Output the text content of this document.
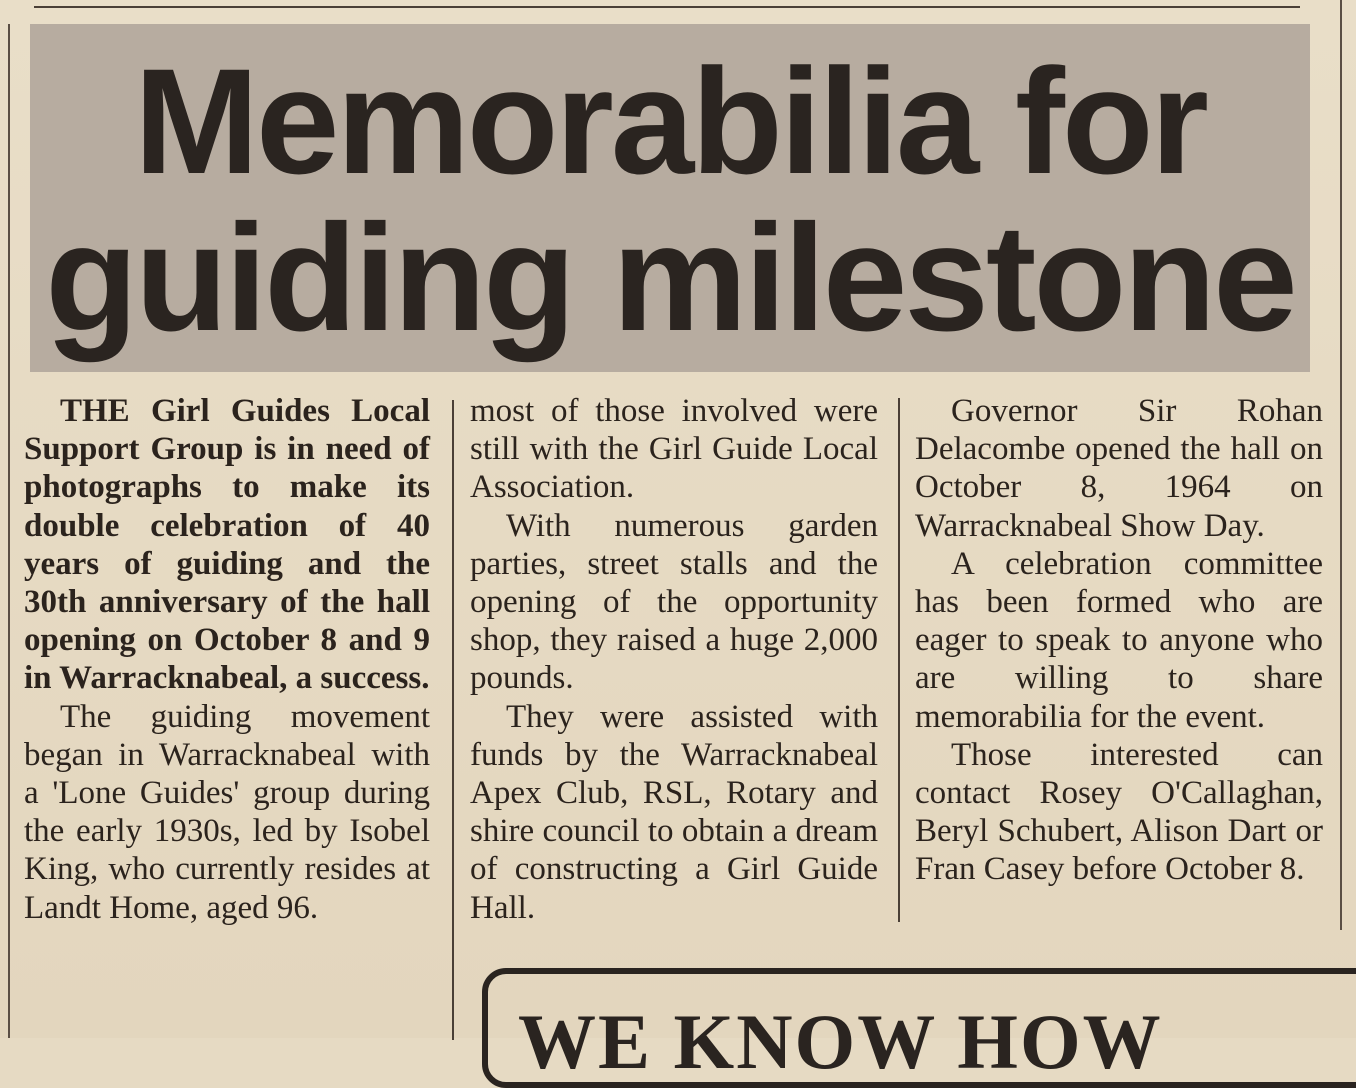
Memorabilia for
guiding milestone

THE Girl Guides Local Support Group is in need of photographs to make its double celebration of 40 years of guiding and the 30th anniversary of the hall opening on October 8 and 9 in Warracknabeal, a success.

The guiding movement began in Warracknabeal with a 'Lone Guides' group during the early 1930s, led by Isobel King, who currently resides at Landt Home, aged 96.

most of those involved were still with the Girl Guide Local Association.

With numerous garden parties, street stalls and the opening of the opportunity shop, they raised a huge 2,000 pounds.

They were assisted with funds by the Warracknabeal Apex Club, RSL, Rotary and shire council to obtain a dream of constructing a Girl Guide Hall.

Governor Sir Rohan Delacombe opened the hall on October 8, 1964 on Warracknabeal Show Day.

A celebration committee has been formed who are eager to speak to anyone who are willing to share memorabilia for the event.

Those interested can contact Rosey O'Callaghan, Beryl Schubert, Alison Dart or Fran Casey before October 8.

WE KNOW HOW
